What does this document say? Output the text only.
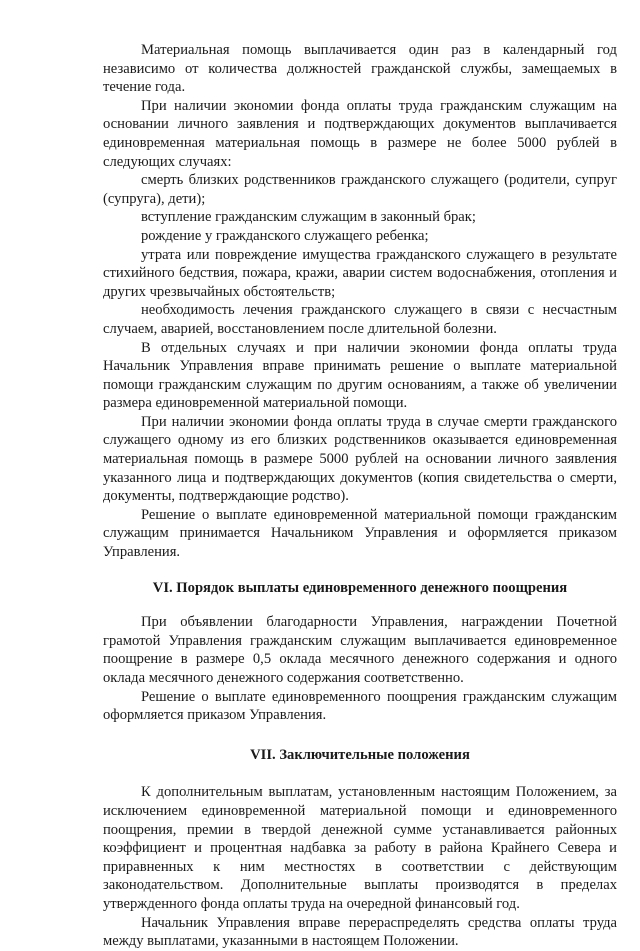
Материальная помощь выплачивается один раз в календарный год независимо от количества должностей гражданской службы, замещаемых в течение года.

При наличии экономии фонда оплаты труда гражданским служащим на основании личного заявления и подтверждающих документов выплачивается единовременная материальная помощь в размере не более 5000 рублей в следующих случаях:

смерть близких родственников гражданского служащего (родители, супруг (супруга), дети);

вступление гражданским служащим в законный брак;

рождение у гражданского служащего ребенка;

утрата или повреждение имущества гражданского служащего в результате стихийного бедствия, пожара, кражи, аварии систем водоснабжения, отопления и других чрезвычайных обстоятельств;

необходимость лечения гражданского служащего в связи с несчастным случаем, аварией, восстановлением после длительной болезни.

В отдельных случаях и при наличии экономии фонда оплаты труда Начальник Управления вправе принимать решение о выплате материальной помощи гражданским служащим по другим основаниям, а также об увеличении размера единовременной материальной помощи.

При наличии экономии фонда оплаты труда в случае смерти гражданского служащего одному из его близких родственников оказывается единовременная материальная помощь в размере 5000 рублей на основании личного заявления указанного лица и подтверждающих документов (копия свидетельства о смерти, документы, подтверждающие родство).

Решение о выплате единовременной материальной помощи гражданским служащим принимается Начальником Управления и оформляется приказом Управления.

VI. Порядок выплаты единовременного денежного поощрения

При объявлении благодарности Управления, награждении Почетной грамотой Управления гражданским служащим выплачивается единовременное поощрение в размере 0,5 оклада месячного денежного содержания и одного оклада месячного денежного содержания соответственно.

Решение о выплате единовременного поощрения гражданским служащим оформляется приказом Управления.

VII. Заключительные положения

К дополнительным выплатам, установленным настоящим Положением, за исключением единовременной материальной помощи и единовременного поощрения, премии в твердой денежной сумме устанавливается районных коэффициент и процентная надбавка за работу в района Крайнего Севера и приравненных к ним местностях в соответствии с действующим законодательством. Дополнительные выплаты производятся в пределах утвержденного фонда оплаты труда на очередной финансовый год.

Начальник Управления вправе перераспределять средства оплаты труда между выплатами, указанными в настоящем Положении.
